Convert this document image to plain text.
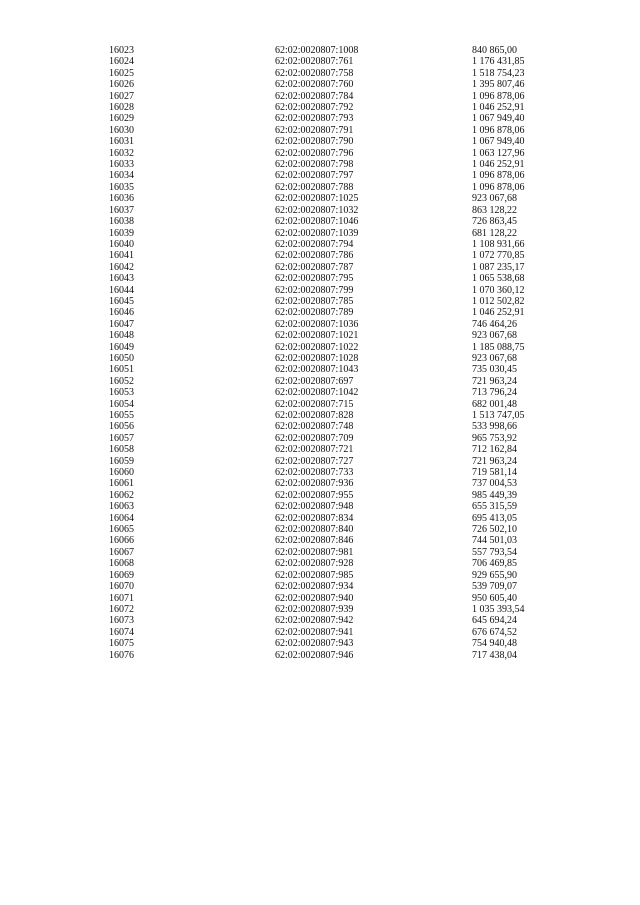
16023	62:02:0020807:1008	840 865,00
16024	62:02:0020807:761	1 176 431,85
16025	62:02:0020807:758	1 518 754,23
16026	62:02:0020807:760	1 395 807,46
16027	62:02:0020807:784	1 096 878,06
16028	62:02:0020807:792	1 046 252,91
16029	62:02:0020807:793	1 067 949,40
16030	62:02:0020807:791	1 096 878,06
16031	62:02:0020807:790	1 067 949,40
16032	62:02:0020807:796	1 063 127,96
16033	62:02:0020807:798	1 046 252,91
16034	62:02:0020807:797	1 096 878,06
16035	62:02:0020807:788	1 096 878,06
16036	62:02:0020807:1025	923 067,68
16037	62:02:0020807:1032	863 128,22
16038	62:02:0020807:1046	726 863,45
16039	62:02:0020807:1039	681 128,22
16040	62:02:0020807:794	1 108 931,66
16041	62:02:0020807:786	1 072 770,85
16042	62:02:0020807:787	1 087 235,17
16043	62:02:0020807:795	1 065 538,68
16044	62:02:0020807:799	1 070 360,12
16045	62:02:0020807:785	1 012 502,82
16046	62:02:0020807:789	1 046 252,91
16047	62:02:0020807:1036	746 464,26
16048	62:02:0020807:1021	923 067,68
16049	62:02:0020807:1022	1 185 088,75
16050	62:02:0020807:1028	923 067,68
16051	62:02:0020807:1043	735 030,45
16052	62:02:0020807:697	721 963,24
16053	62:02:0020807:1042	713 796,24
16054	62:02:0020807:715	682 001,48
16055	62:02:0020807:828	1 513 747,05
16056	62:02:0020807:748	533 998,66
16057	62:02:0020807:709	965 753,92
16058	62:02:0020807:721	712 162,84
16059	62:02:0020807:727	721 963,24
16060	62:02:0020807:733	719 581,14
16061	62:02:0020807:936	737 004,53
16062	62:02:0020807:955	985 449,39
16063	62:02:0020807:948	655 315,59
16064	62:02:0020807:834	695 413,05
16065	62:02:0020807:840	726 502,10
16066	62:02:0020807:846	744 501,03
16067	62:02:0020807:981	557 793,54
16068	62:02:0020807:928	706 469,85
16069	62:02:0020807:985	929 655,90
16070	62:02:0020807:934	539 709,07
16071	62:02:0020807:940	950 605,40
16072	62:02:0020807:939	1 035 393,54
16073	62:02:0020807:942	645 694,24
16074	62:02:0020807:941	676 674,52
16075	62:02:0020807:943	754 940,48
16076	62:02:0020807:946	717 438,04
